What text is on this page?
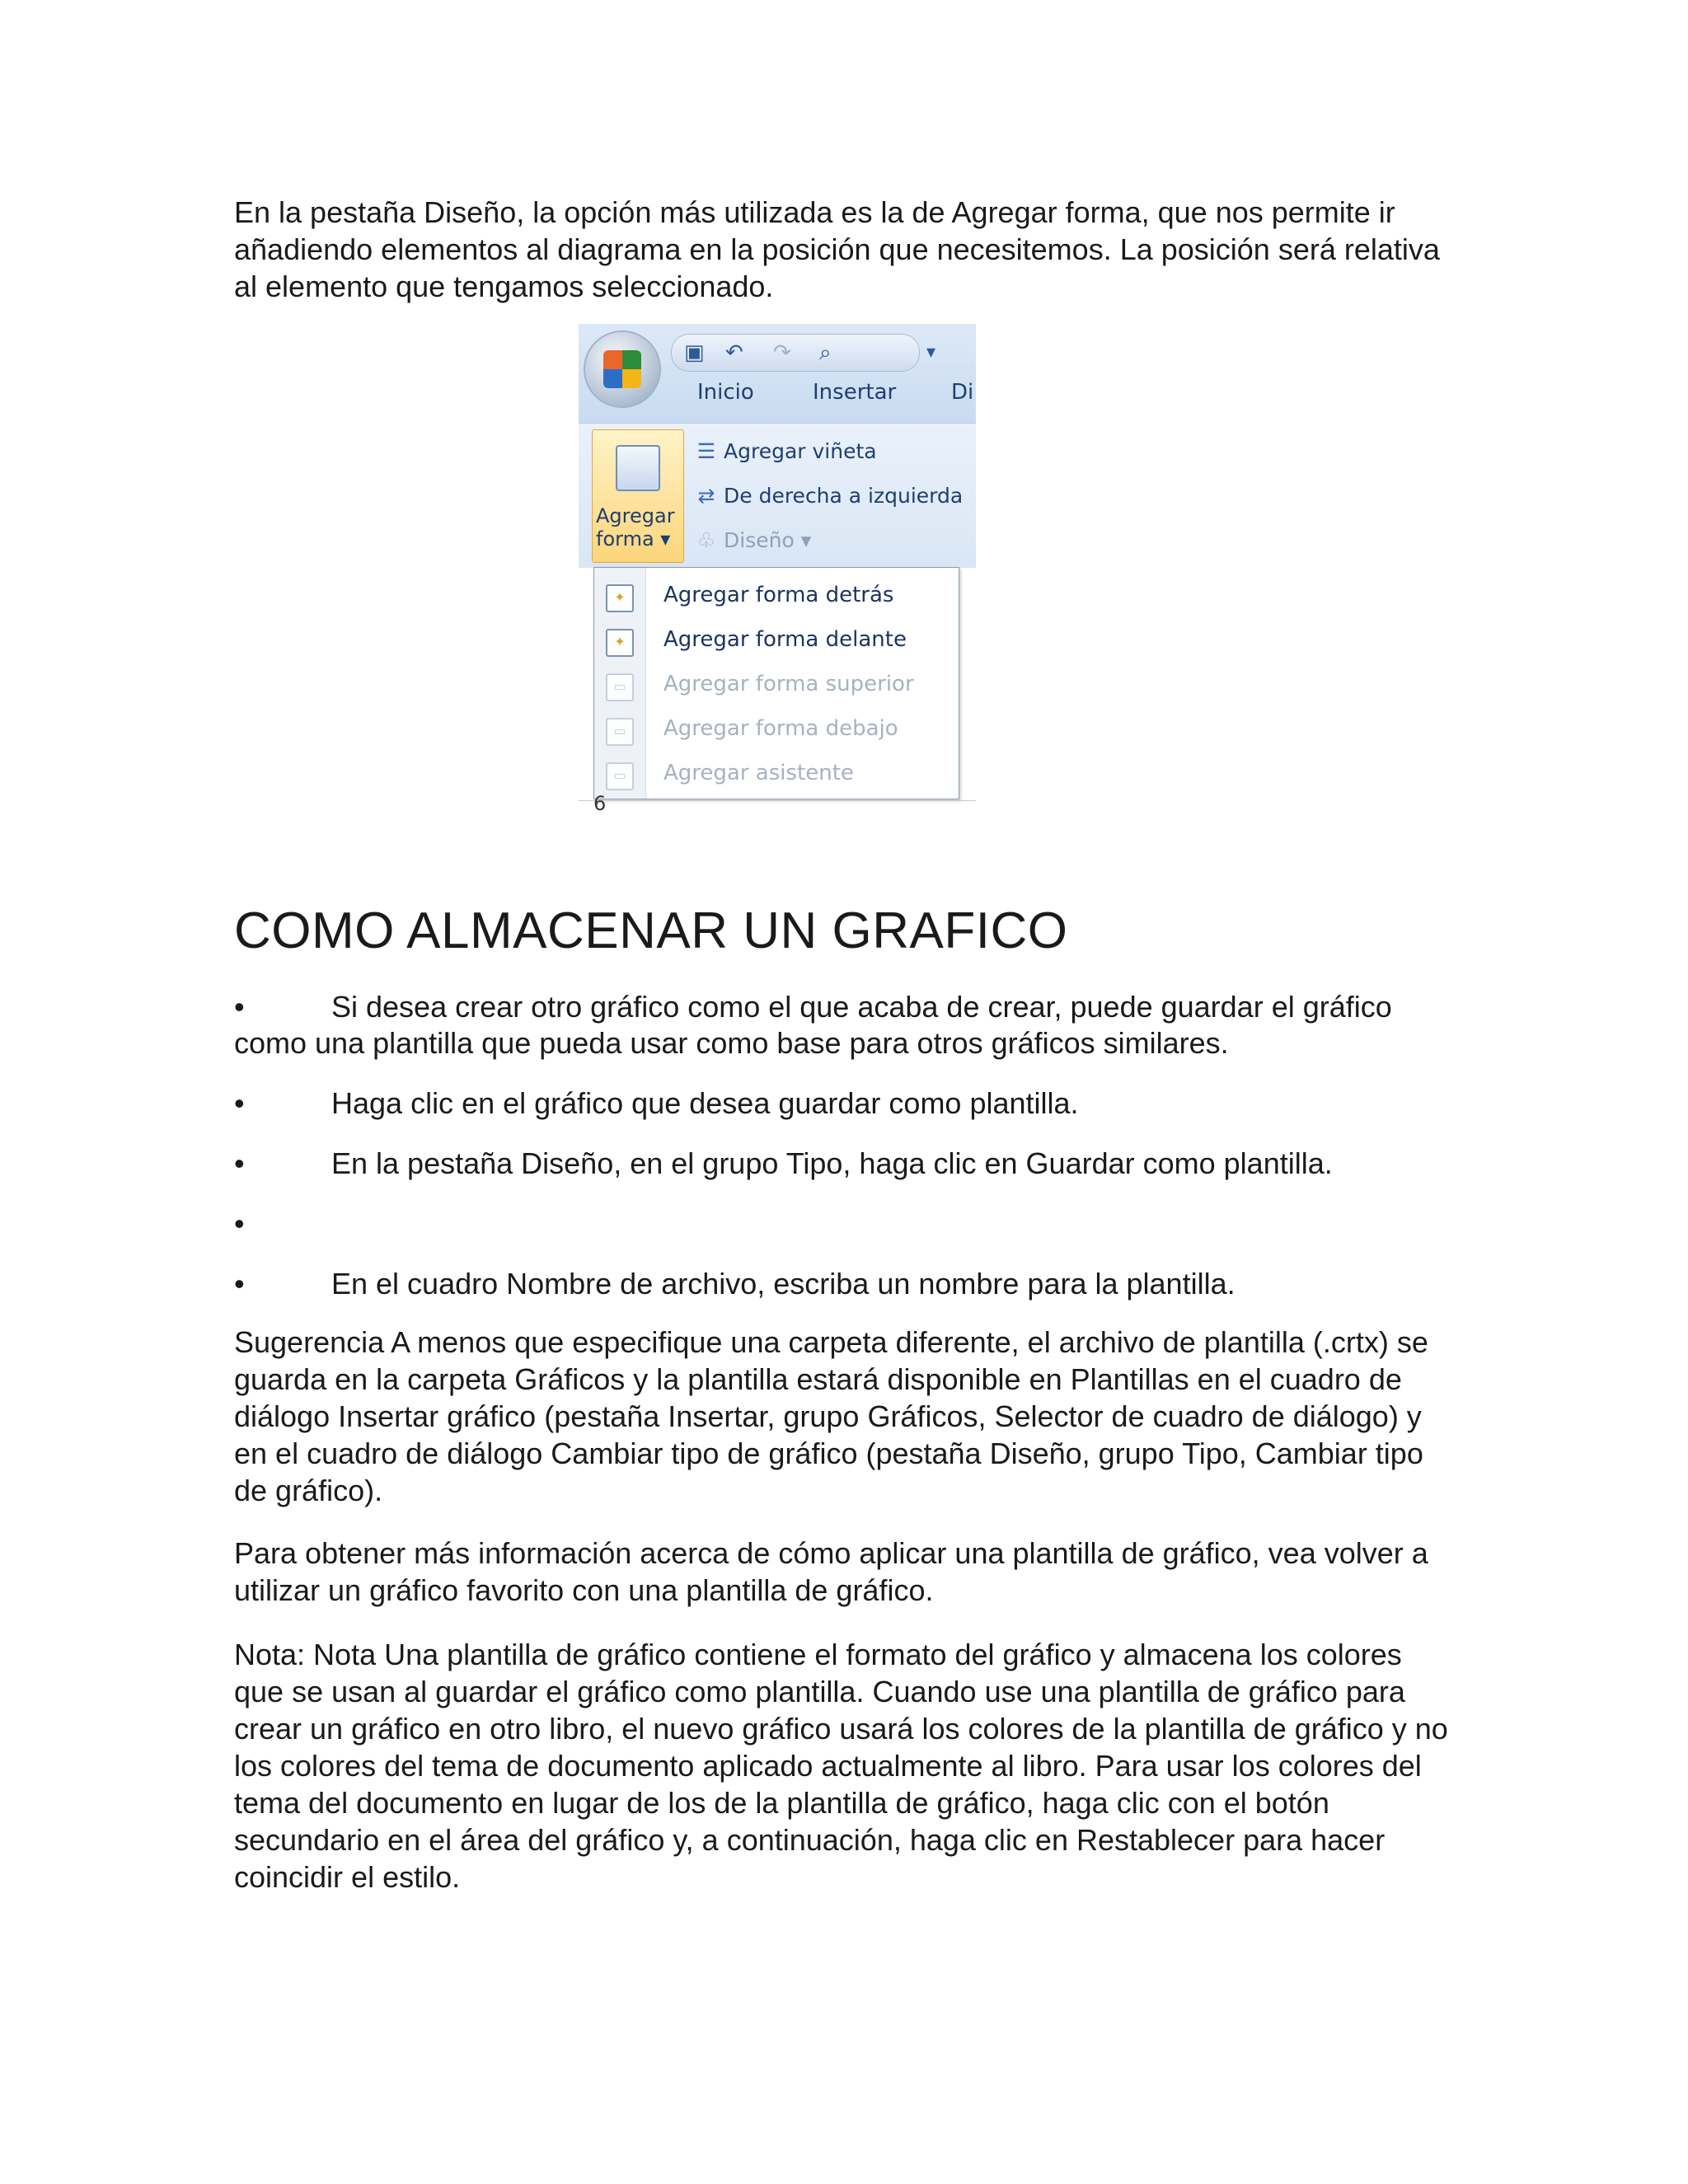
En la pestaña Diseño, la opción más utilizada es la de Agregar forma, que nos permite ir añadiendo elementos al diagrama en la posición que necesitemos. La posición será relativa al elemento que tengamos seleccionado.

▣ ↶ ↷ ⌕	▾
Inicio	Insertar	Di
Agregar forma ▾
☰ Agregar viñeta
⇄ De derecha a izquierda
♧ Diseño ▾
✦	Agregar forma detrás
✦	Agregar forma delante
▭	Agregar forma superior
▭	Agregar forma debajo
▭	Agregar asistente
6
COMO ALMACENAR UN GRAFICO
•	Si desea crear otro gráfico como el que acaba de crear, puede guardar el gráfico como una plantilla que pueda usar como base para otros gráficos similares.
•	Haga clic en el gráfico que desea guardar como plantilla.
•	En la pestaña Diseño, en el grupo Tipo, haga clic en Guardar como plantilla.
•
•	En el cuadro Nombre de archivo, escriba un nombre para la plantilla.

Sugerencia A menos que especifique una carpeta diferente, el archivo de plantilla (.crtx) se guarda en la carpeta Gráficos y la plantilla estará disponible en Plantillas en el cuadro de diálogo Insertar gráfico (pestaña Insertar, grupo Gráficos, Selector de cuadro de diálogo) y en el cuadro de diálogo Cambiar tipo de gráfico (pestaña Diseño, grupo Tipo, Cambiar tipo de gráfico).

Para obtener más información acerca de cómo aplicar una plantilla de gráfico, vea volver a utilizar un gráfico favorito con una plantilla de gráfico.

Nota: Nota Una plantilla de gráfico contiene el formato del gráfico y almacena los colores que se usan al guardar el gráfico como plantilla. Cuando use una plantilla de gráfico para crear un gráfico en otro libro, el nuevo gráfico usará los colores de la plantilla de gráfico y no los colores del tema de documento aplicado actualmente al libro. Para usar los colores del tema del documento en lugar de los de la plantilla de gráfico, haga clic con el botón secundario en el área del gráfico y, a continuación, haga clic en Restablecer para hacer coincidir el estilo.
